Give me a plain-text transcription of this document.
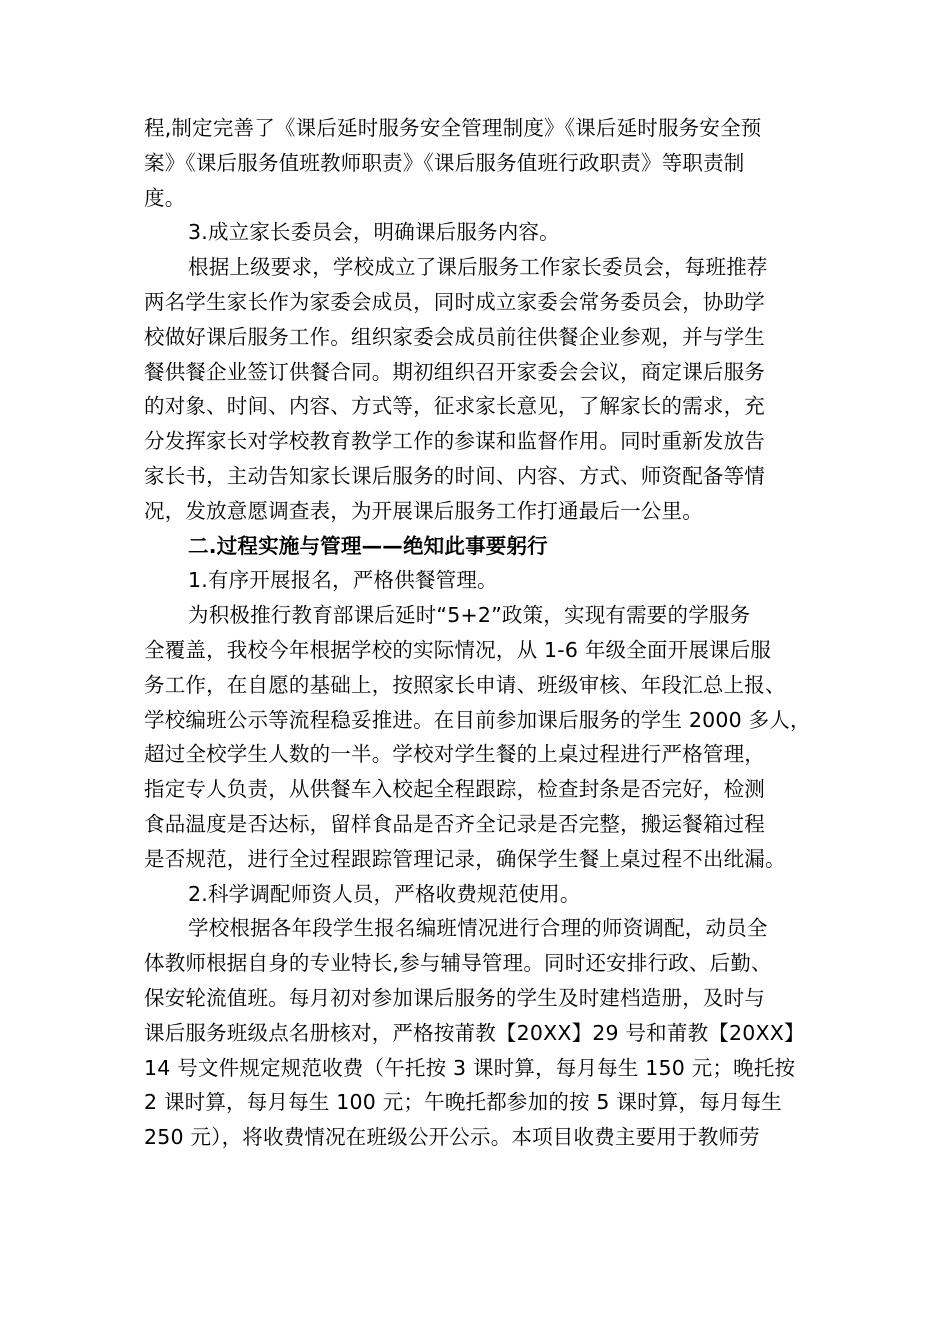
程,制定完善了《课后延时服务安全管理制度》《课后延时服务安全预
案》《课后服务值班教师职责》《课后服务值班行政职责》等职责制
度。
3.成立家长委员会，明确课后服务内容。
根据上级要求，学校成立了课后服务工作家长委员会，每班推荐
两名学生家长作为家委会成员，同时成立家委会常务委员会，协助学
校做好课后服务工作。组织家委会成员前往供餐企业参观，并与学生
餐供餐企业签订供餐合同。期初组织召开家委会会议，商定课后服务
的对象、时间、内容、方式等，征求家长意见，了解家长的需求，充
分发挥家长对学校教育教学工作的参谋和监督作用。同时重新发放告
家长书，主动告知家长课后服务的时间、内容、方式、师资配备等情
况，发放意愿调查表，为开展课后服务工作打通最后一公里。
二.过程实施与管理——绝知此事要躬行
1.有序开展报名，严格供餐管理。
为积极推行教育部课后延时“5+2”政策，实现有需要的学服务
全覆盖，我校今年根据学校的实际情况，从 1-6 年级全面开展课后服
务工作，在自愿的基础上，按照家长申请、班级审核、年段汇总上报、
学校编班公示等流程稳妥推进。在目前参加课后服务的学生 2000 多人，
超过全校学生人数的一半。学校对学生餐的上桌过程进行严格管理，
指定专人负责，从供餐车入校起全程跟踪，检查封条是否完好，检测
食品温度是否达标，留样食品是否齐全记录是否完整，搬运餐箱过程
是否规范，进行全过程跟踪管理记录，确保学生餐上桌过程不出纰漏。
2.科学调配师资人员，严格收费规范使用。
学校根据各年段学生报名编班情况进行合理的师资调配，动员全
体教师根据自身的专业特长,参与辅导管理。同时还安排行政、后勤、
保安轮流值班。每月初对参加课后服务的学生及时建档造册，及时与
课后服务班级点名册核对，严格按莆教【20XX】29 号和莆教【20XX】
14 号文件规定规范收费（午托按 3 课时算，每月每生 150 元；晚托按
2 课时算，每月每生 100 元；午晚托都参加的按 5 课时算，每月每生
250 元），将收费情况在班级公开公示。本项目收费主要用于教师劳
